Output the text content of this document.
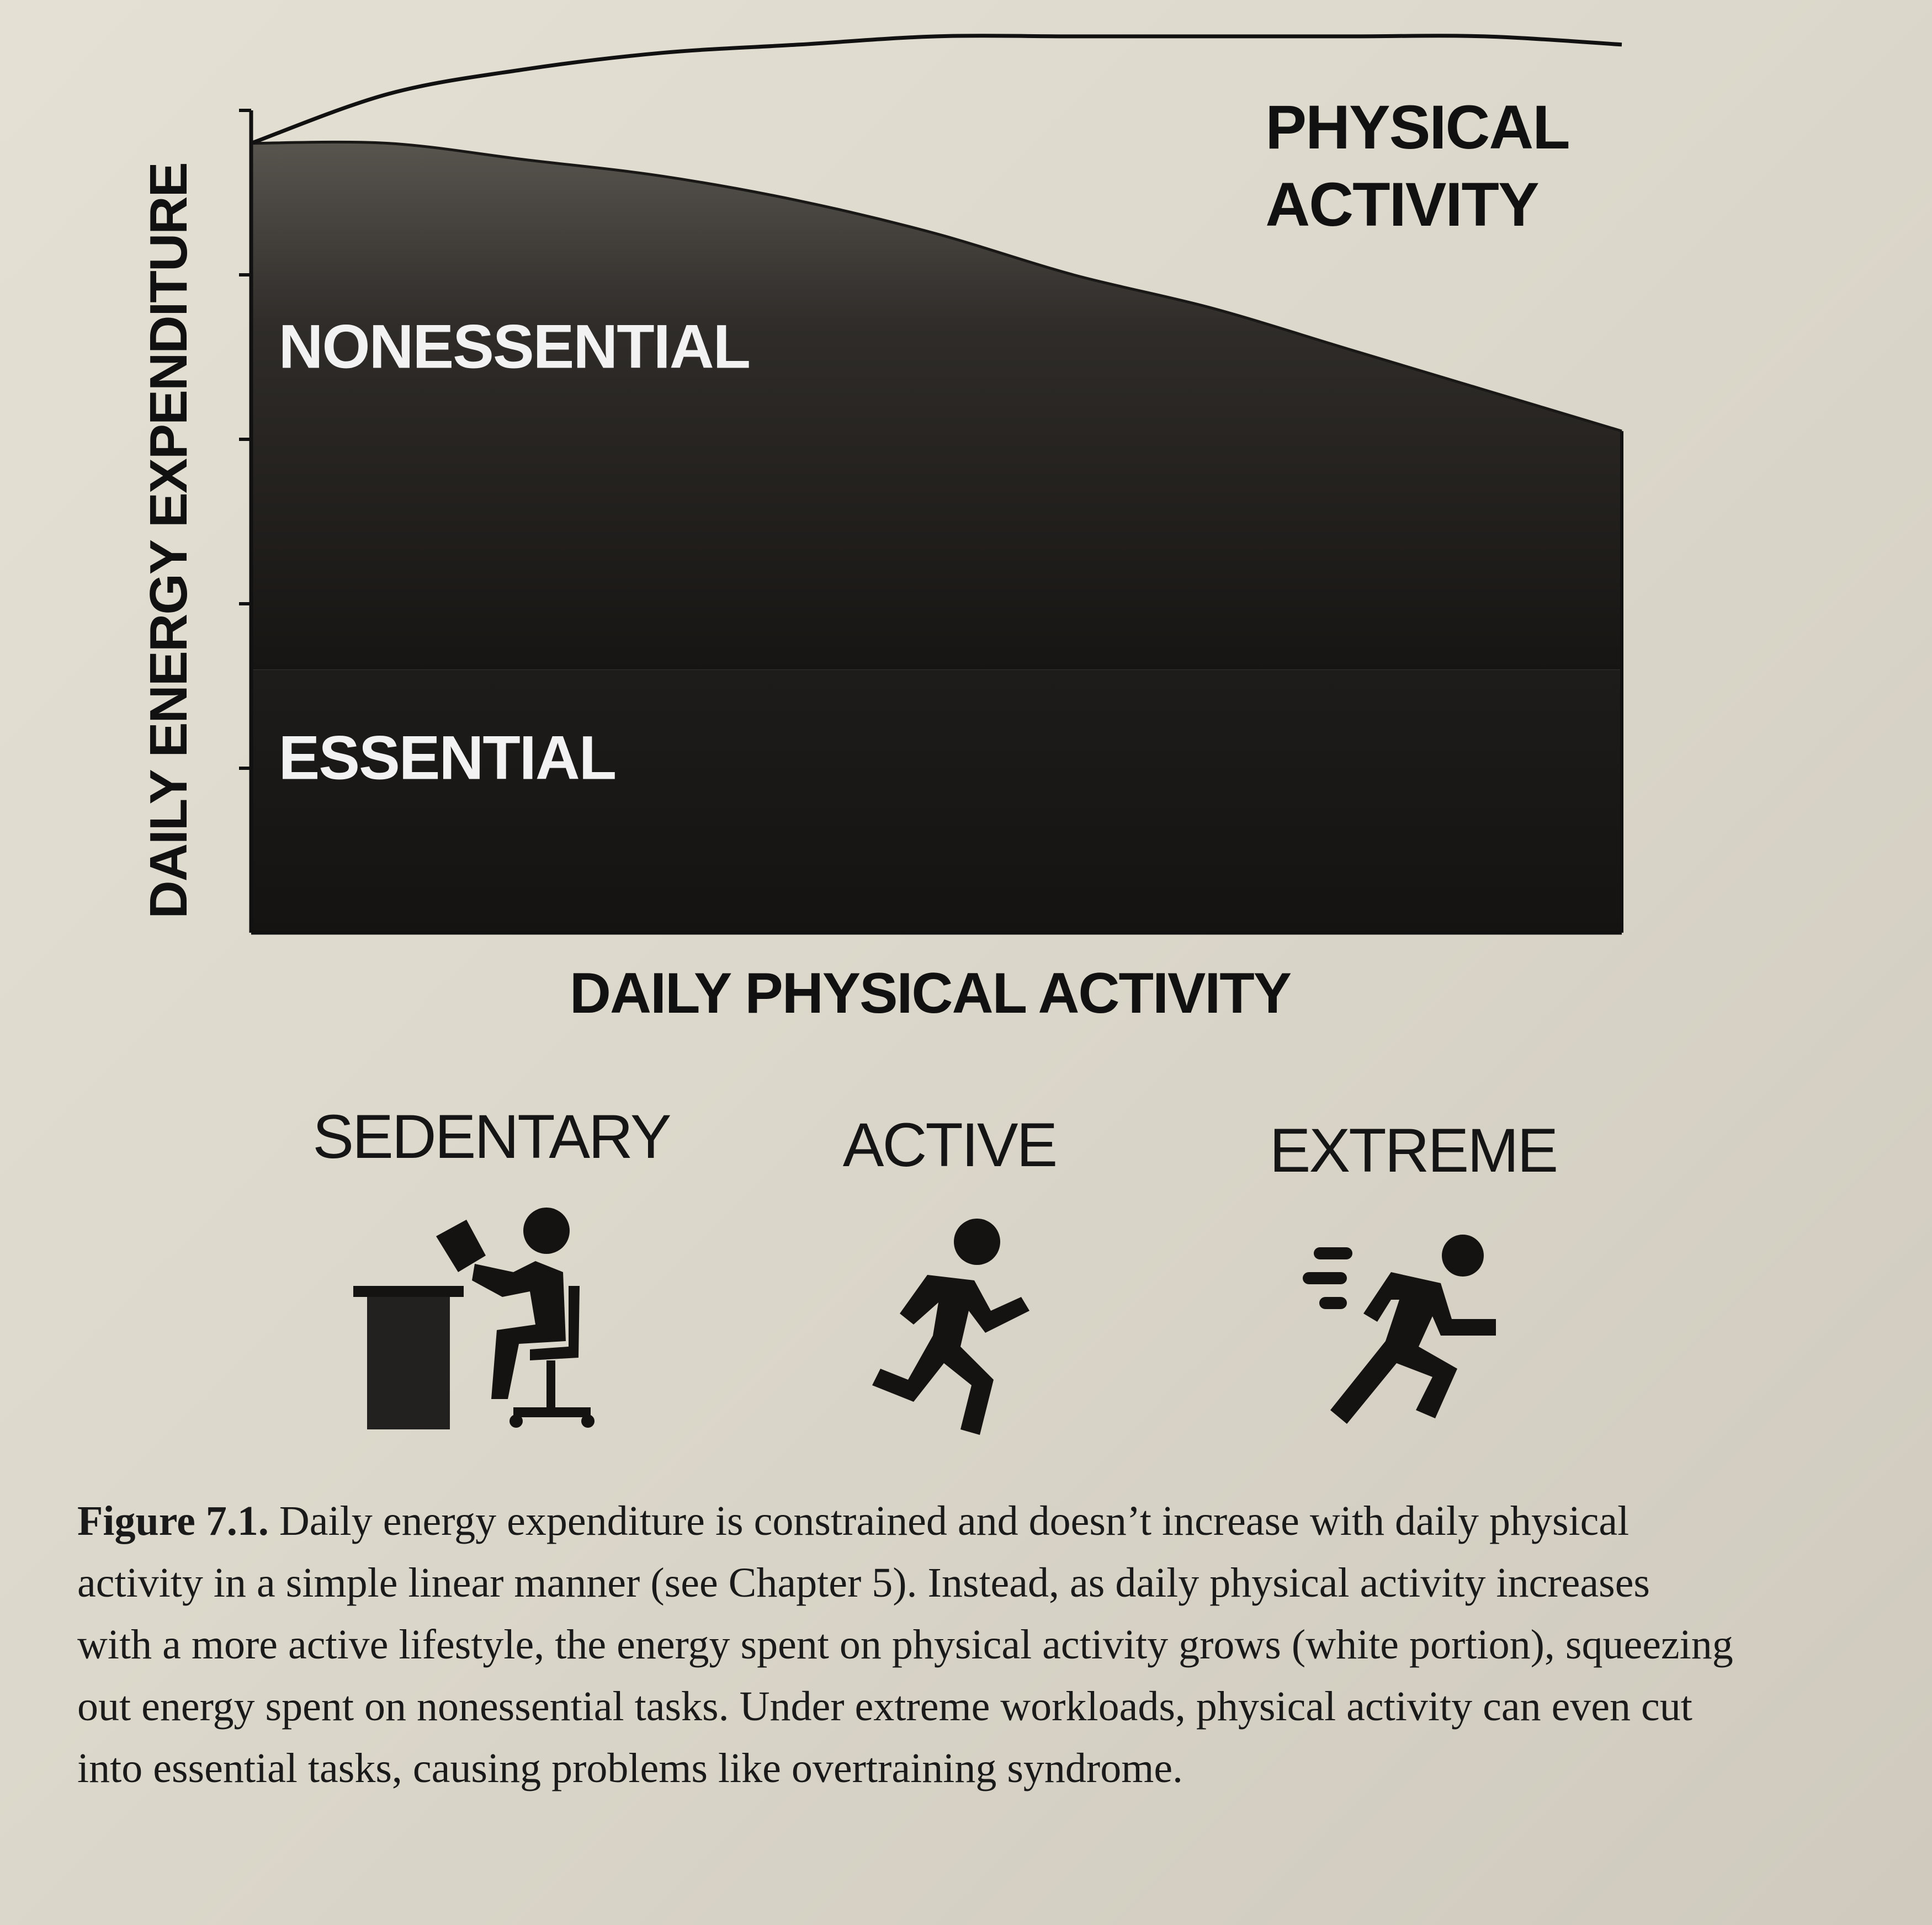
ESSENTIAL
NONESSENTIAL
PHYSICAL ACTIVITY
DAILY ENERGY EXPENDITURE
DAILY PHYSICAL ACTIVITY
SEDENTARY	ACTIVE	EXTREME
Figure 7.1. Daily energy expenditure is constrained and doesn’t increase with daily physical activity in a simple linear manner (see Chapter 5). Instead, as daily physical activity increases with a more active lifestyle, the energy spent on physical activity grows (white portion), squeezing out energy spent on nonessential tasks. Under extreme workloads, physical activity can even cut into essential tasks, causing problems like overtraining syndrome.
